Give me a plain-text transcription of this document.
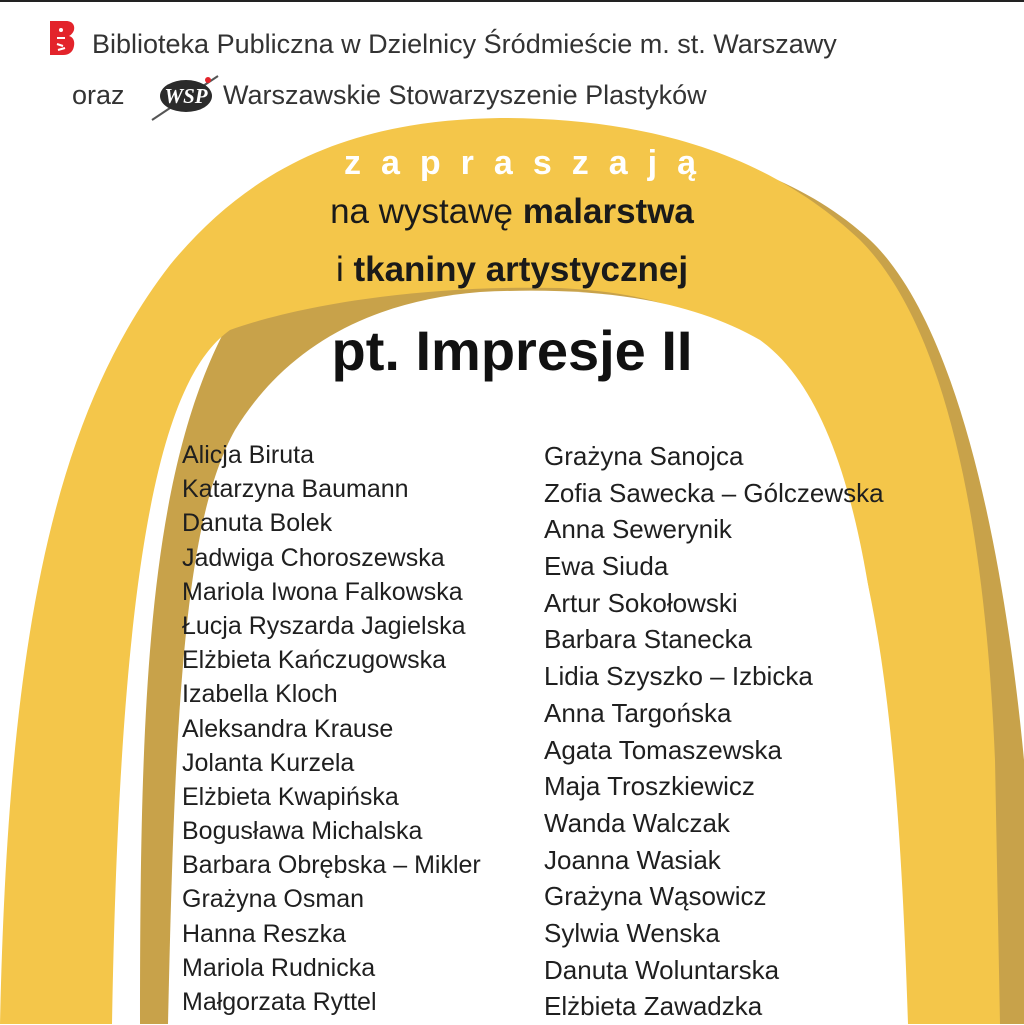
Biblioteka Publiczna w Dzielnicy Śródmieście m. st. Warszawy
oraz WSP Warszawskie Stowarzyszenie Plastyków
zapraszają
na wystawę malarstwa
i tkaniny artystycznej
pt. Impresje II
Alicja Biruta
Katarzyna Baumann
Danuta Bolek
Jadwiga Choroszewska
Mariola Iwona Falkowska
Łucja Ryszarda Jagielska
Elżbieta Kańczugowska
Izabella Kloch
Aleksandra Krause
Jolanta Kurzela
Elżbieta Kwapińska
Bogusława Michalska
Barbara Obrębska – Mikler
Grażyna Osman
Hanna Reszka
Mariola Rudnicka
Małgorzata Ryttel
Grażyna Sanojca
Zofia Sawecka – Gólczewska
Anna Sewerynik
Ewa Siuda
Artur Sokołowski
Barbara Stanecka
Lidia Szyszko – Izbicka
Anna Targońska
Agata Tomaszewska
Maja Troszkiewicz
Wanda Walczak
Joanna Wasiak
Grażyna Wąsowicz
Sylwia Wenska
Danuta Woluntarska
Elżbieta Zawadzka
